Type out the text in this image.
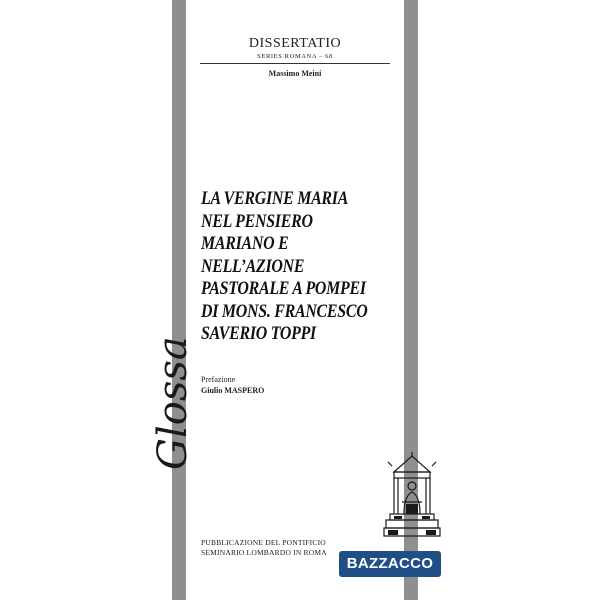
DISSERTATIO
SERIES ROMANA – 68
Massimo Meini
LA VERGINE MARIA
NEL PENSIERO
MARIANO E
NELL’AZIONE
PASTORALE A POMPEI
DI MONS. FRANCESCO
SAVERIO TOPPI
Prefazione
Giulio MASPERO
Glossa
PUBBLICAZIONE DEL PONTIFICIO
SEMINARIO LOMBARDO IN ROMA
BAZZACCO
